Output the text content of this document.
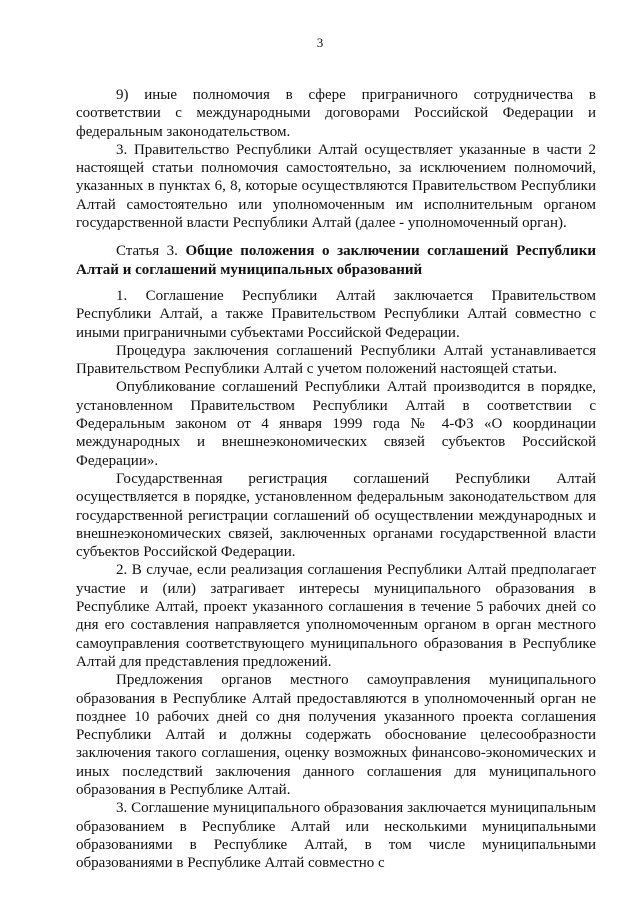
3

9) иные полномочия в сфере приграничного сотрудничества в соответствии с международными договорами Российской Федерации и федеральным законодательством.

3. Правительство Республики Алтай осуществляет указанные в части 2 настоящей статьи полномочия самостоятельно, за исключением полномочий, указанных в пунктах 6, 8, которые осуществляются Правительством Республики Алтай самостоятельно или уполномоченным им исполнительным органом государственной власти Республики Алтай (далее - уполномоченный орган).

Статья 3. Общие положения о заключении соглашений Республики Алтай и соглашений муниципальных образований

1. Соглашение Республики Алтай заключается Правительством Республики Алтай, а также Правительством Республики Алтай совместно с иными приграничными субъектами Российской Федерации.

Процедура заключения соглашений Республики Алтай устанавливается Правительством Республики Алтай с учетом положений настоящей статьи.

Опубликование соглашений Республики Алтай производится в порядке, установленном Правительством Республики Алтай в соответствии с Федеральным законом от 4 января 1999 года № 4-ФЗ «О координации международных и внешнеэкономических связей субъектов Российской Федерации».

Государственная регистрация соглашений Республики Алтай осуществляется в порядке, установленном федеральным законодательством для государственной регистрации соглашений об осуществлении международных и внешнеэкономических связей, заключенных органами государственной власти субъектов Российской Федерации.

2. В случае, если реализация соглашения Республики Алтай предполагает участие и (или) затрагивает интересы муниципального образования в Республике Алтай, проект указанного соглашения в течение 5 рабочих дней со дня его составления направляется уполномоченным органом в орган местного самоуправления соответствующего муниципального образования в Республике Алтай для представления предложений.

Предложения органов местного самоуправления муниципального образования в Республике Алтай предоставляются в уполномоченный орган не позднее 10 рабочих дней со дня получения указанного проекта соглашения Республики Алтай и должны содержать обоснование целесообразности заключения такого соглашения, оценку возможных финансово-экономических и иных последствий заключения данного соглашения для муниципального образования в Республике Алтай.

3. Соглашение муниципального образования заключается муниципальным образованием в Республике Алтай или несколькими муниципальными образованиями в Республике Алтай, в том числе муниципальными образованиями в Республике Алтай совместно с
